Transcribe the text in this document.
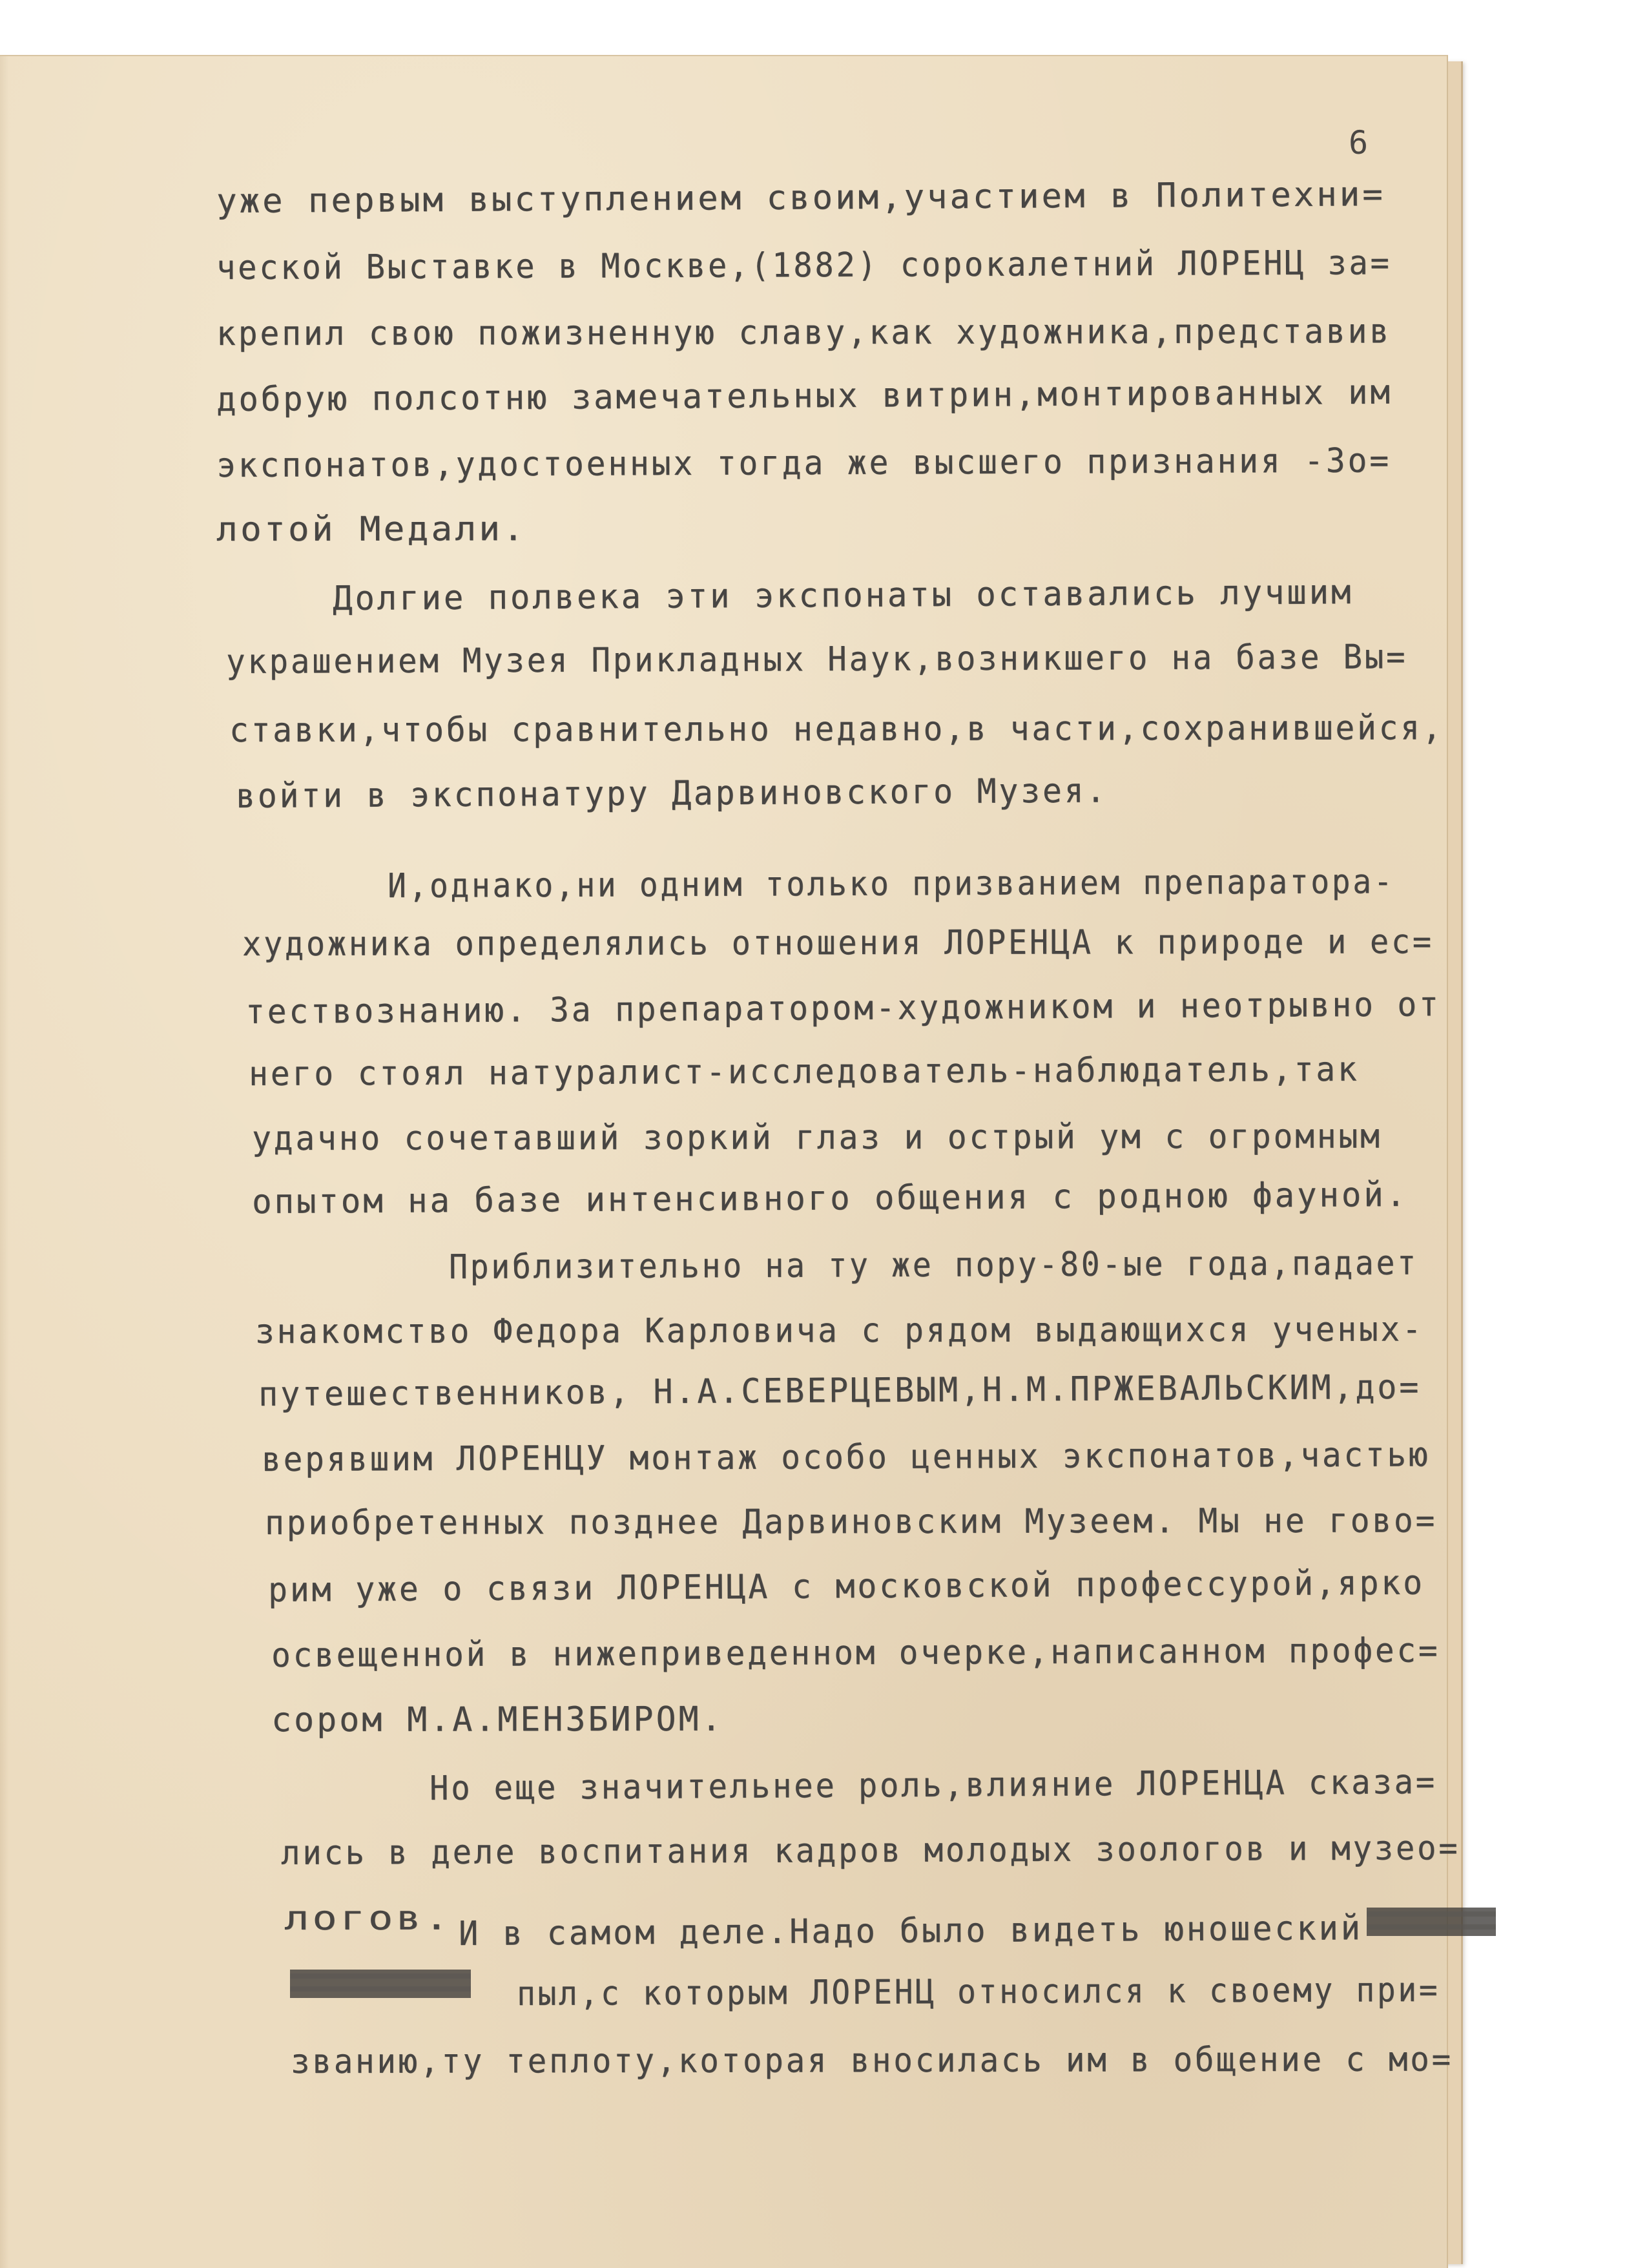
6
уже первым выступлением своим,участием в Политехни=
ческой Выставке в Москве,(1882) сорокалетний ЛОРЕНЦ за=
крепил свою пожизненную славу,как художника,представив
добрую полсотню замечательных витрин,монтированных им
экспонатов,удостоенных тогда же высшего признания -Зо=
лотой Медали.
Долгие полвека эти экспонаты оставались лучшим
украшением Музея Прикладных Наук,возникшего на базе Вы=
ставки,чтобы сравнительно недавно,в части,сохранившейся,
войти в экспонатуру Дарвиновского Музея.
И,однако,ни одним только призванием препаратора-
художника определялись отношения ЛОРЕНЦА к природе и ес=
тествознанию. За препаратором-художником и неотрывно от
него стоял натуралист-исследователь-наблюдатель,так
удачно сочетавший зоркий глаз и острый ум с огромным
опытом на базе интенсивного общения с родною фауной.
Приблизительно на ту же пору-80-ые года,падает
знакомство Федора Карловича с рядом выдающихся ученых-
путешественников, Н.А.СЕВЕРЦЕВЫМ,Н.М.ПРЖЕВАЛЬСКИМ,до=
верявшим ЛОРЕНЦУ монтаж особо ценных экспонатов,частью
приобретенных позднее Дарвиновским Музеем. Мы не гово=
рим уже о связи ЛОРЕНЦА с московской профессурой,ярко
освещенной в нижеприведенном очерке,написанном профес=
сором М.А.МЕНЗБИРОМ.
Но еще значительнее роль,влияние ЛОРЕНЦА сказа=
лись в деле воспитания кадров молодых зоологов и музео=
логов. И в самом деле.Надо было видеть юношеский
пыл,с которым ЛОРЕНЦ относился к своему при=
званию,ту теплоту,которая вносилась им в общение с мо=
